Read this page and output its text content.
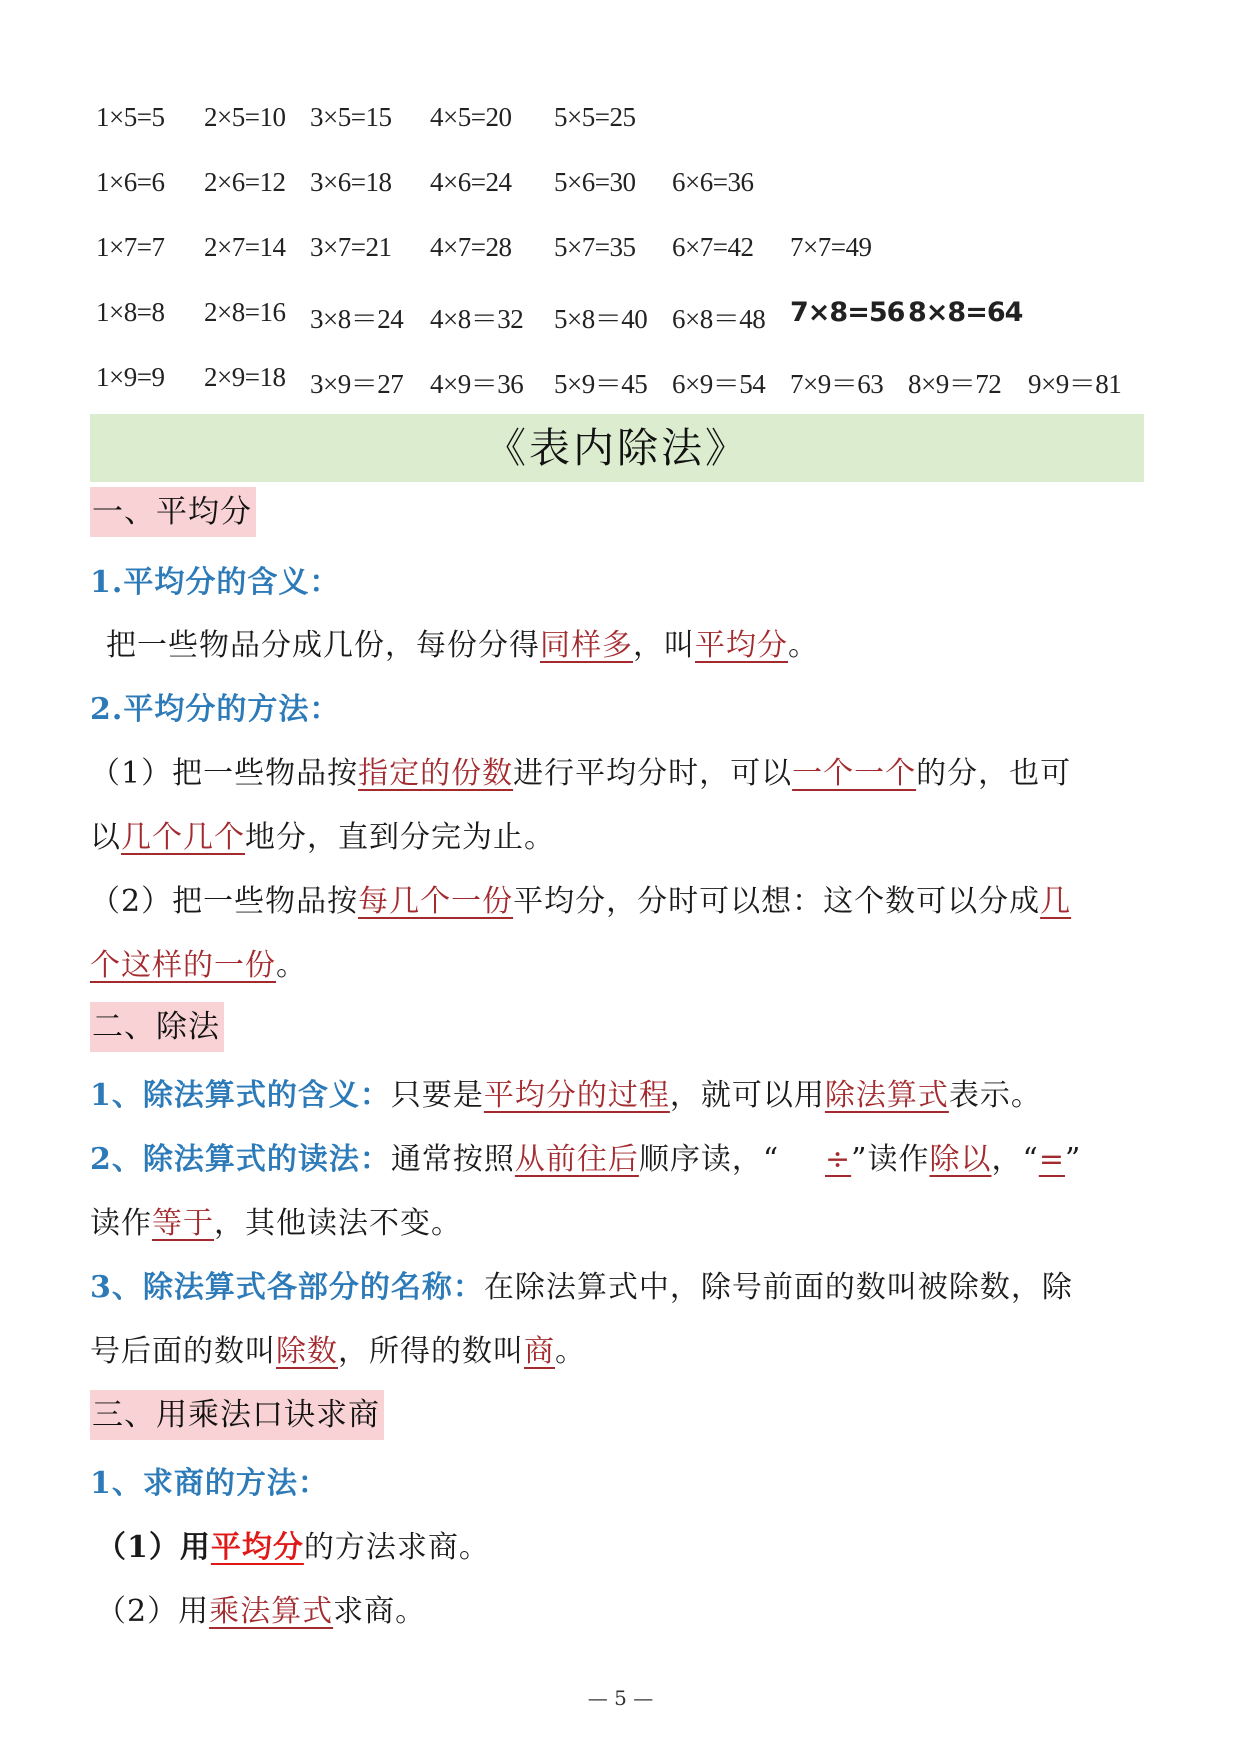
1×5=5 2×5=10 3×5=15 4×5=20 5×5=25
1×6=6 2×6=12 3×6=18 4×6=24 5×6=30 6×6=36
1×7=7 2×7=14 3×7=21 4×7=28 5×7=35 6×7=42 7×7=49
1×8=8 2×8=16 3×8＝24 4×8＝32 5×8＝40 6×8＝48 7×8=56 8×8=64
1×9=9 2×9=18 3×9＝27 4×9＝36 5×9＝45 6×9＝54 7×9＝63 8×9＝72 9×9＝81
《表内除法》
一、平均分
1.平均分的含义：
把一些物品分成几份，每份分得同样多，叫平均分。
2.平均分的方法：
（1）把一些物品按指定的份数进行平均分时，可以一个一个的分，也可
以几个几个地分，直到分完为止。
（2）把一些物品按每几个一份平均分，分时可以想：这个数可以分成几
个这样的一份。
二、除法
1、除法算式的含义：只要是平均分的过程，就可以用除法算式表示。
2、除法算式的读法：通常按照从前往后顺序读，“ ÷”读作除以，“=”
读作等于，其他读法不变。
3、除法算式各部分的名称：在除法算式中，除号前面的数叫被除数，除
号后面的数叫除数，所得的数叫商。
三、用乘法口诀求商
1、求商的方法：
（1）用平均分的方法求商。
（2）用乘法算式求商。
— 5 —
